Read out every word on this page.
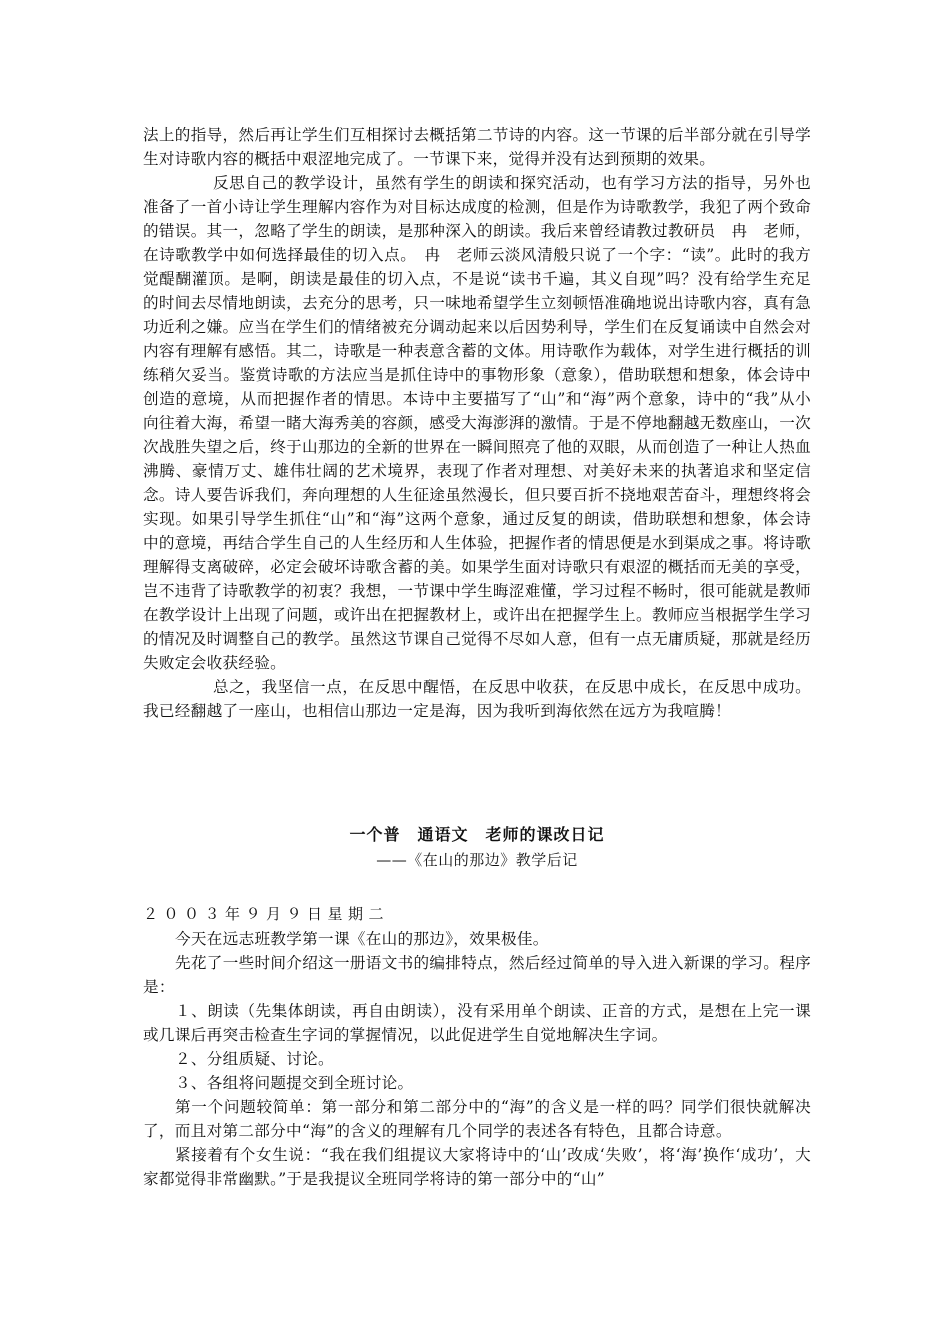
法上的指导，然后再让学生们互相探讨去概括第二节诗的内容。这一节课的后半部分就在引导学生对诗歌内容的概括中艰涩地完成了。一节课下来，觉得并没有达到预期的效果。

反思自己的教学设计，虽然有学生的朗读和探究活动，也有学习方法的指导，另外也准备了一首小诗让学生理解内容作为对目标达成度的检测，但是作为诗歌教学，我犯了两个致命的错误。其一，忽略了学生的朗读，是那种深入的朗读。我后来曾经请教过教研员　冉　老师，在诗歌教学中如何选择最佳的切入点。　冉　老师云淡风清般只说了一个字：“读”。此时的我方觉醍醐灌顶。是啊，朗读是最佳的切入点，不是说“读书千遍，其义自现”吗？没有给学生充足的时间去尽情地朗读，去充分的思考，只一味地希望学生立刻顿悟准确地说出诗歌内容，真有急功近利之嫌。应当在学生们的情绪被充分调动起来以后因势利导，学生们在反复诵读中自然会对内容有理解有感悟。其二，诗歌是一种表意含蓄的文体。用诗歌作为载体，对学生进行概括的训练稍欠妥当。鉴赏诗歌的方法应当是抓住诗中的事物形象（意象），借助联想和想象，体会诗中创造的意境，从而把握作者的情思。本诗中主要描写了“山”和“海”两个意象，诗中的“我”从小向往着大海，希望一睹大海秀美的容颜，感受大海澎湃的激情。于是不停地翻越无数座山，一次次战胜失望之后，终于山那边的全新的世界在一瞬间照亮了他的双眼，从而创造了一种让人热血沸腾、豪情万丈、雄伟壮阔的艺术境界，表现了作者对理想、对美好未来的执著追求和坚定信念。诗人要告诉我们，奔向理想的人生征途虽然漫长，但只要百折不挠地艰苦奋斗，理想终将会实现。如果引导学生抓住“山”和“海”这两个意象，通过反复的朗读，借助联想和想象，体会诗中的意境，再结合学生自己的人生经历和人生体验，把握作者的情思便是水到渠成之事。将诗歌理解得支离破碎，必定会破坏诗歌含蓄的美。如果学生面对诗歌只有艰涩的概括而无美的享受，岂不违背了诗歌教学的初衷？我想，一节课中学生晦涩难懂，学习过程不畅时，很可能就是教师在教学设计上出现了问题，或许出在把握教材上，或许出在把握学生上。教师应当根据学生学习的情况及时调整自己的教学。虽然这节课自己觉得不尽如人意，但有一点无庸质疑，那就是经历失败定会收获经验。

总之，我坚信一点，在反思中醒悟，在反思中收获，在反思中成长，在反思中成功。我已经翻越了一座山，也相信山那边一定是海，因为我听到海依然在远方为我喧腾！

一个普　通语文　老师的课改日记
——《在山的那边》教学后记
２００３年９月９日星期二

今天在远志班教学第一课《在山的那边》，效果极佳。

先花了一些时间介绍这一册语文书的编排特点，然后经过简单的导入进入新课的学习。程序是：

１、朗读（先集体朗读，再自由朗读），没有采用单个朗读、正音的方式，是想在上完一课或几课后再突击检查生字词的掌握情况，以此促进学生自觉地解决生字词。

２、分组质疑、讨论。

３、各组将问题提交到全班讨论。

第一个问题较简单：第一部分和第二部分中的“海”的含义是一样的吗？同学们很快就解决了，而且对第二部分中“海”的含义的理解有几个同学的表述各有特色，且都合诗意。

紧接着有个女生说：“我在我们组提议大家将诗中的‘山’改成‘失败’，将‘海’换作‘成功’，大家都觉得非常幽默。”于是我提议全班同学将诗的第一部分中的“山”
